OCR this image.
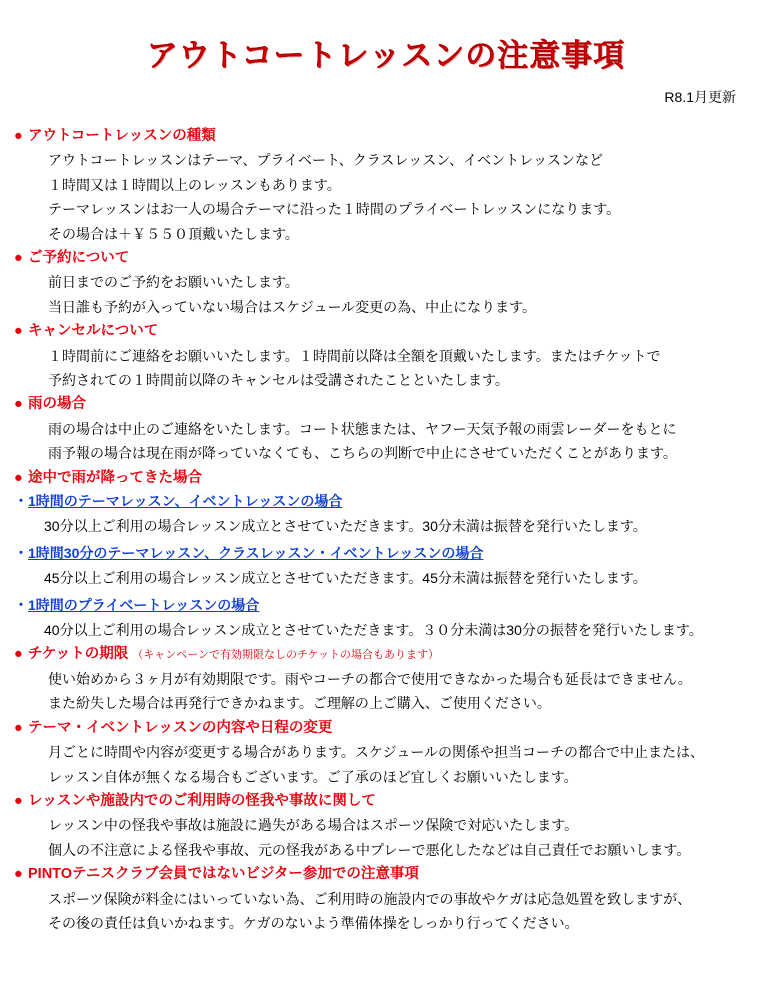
アウトコートレッスンの注意事項
R8.1月更新
● アウトコートレッスンの種類
アウトコートレッスンはテーマ、プライベート、クラスレッスン、イベントレッスンなど
１時間又は１時間以上のレッスンもあります。
テーマレッスンはお一人の場合テーマに沿った１時間のプライベートレッスンになります。
その場合は＋￥５５０頂戴いたします。
● ご予約について
前日までのご予約をお願いいたします。
当日誰も予約が入っていない場合はスケジュール変更の為、中止になります。
● キャンセルについて
１時間前にご連絡をお願いいたします。１時間前以降は全額を頂戴いたします。またはチケットで
予約されての１時間前以降のキャンセルは受講されたことといたします。
● 雨の場合
雨の場合は中止のご連絡をいたします。コート状態または、ヤフー天気予報の雨雲レーダーをもとに
雨予報の場合は現在雨が降っていなくても、こちらの判断で中止にさせていただくことがあります。
● 途中で雨が降ってきた場合
・ 1時間のテーマレッスン、イベントレッスンの場合
30分以上ご利用の場合レッスン成立とさせていただきます。30分未満は振替を発行いたします。
・ 1時間30分のテーマレッスン、クラスレッスン・イベントレッスンの場合
45分以上ご利用の場合レッスン成立とさせていただきます。45分未満は振替を発行いたします。
・ 1時間のプライベートレッスンの場合
40分以上ご利用の場合レッスン成立とさせていただきます。３０分未満は30分の振替を発行いたします。
● チケットの期限 （キャンペーンで有効期限なしのチケットの場合もあります）
使い始めから３ヶ月が有効期限です。雨やコーチの都合で使用できなかった場合も延長はできません。
また紛失した場合は再発行できかねます。ご理解の上ご購入、ご使用ください。
● テーマ・イベントレッスンの内容や日程の変更
月ごとに時間や内容が変更する場合があります。スケジュールの関係や担当コーチの都合で中止または、
レッスン自体が無くなる場合もございます。ご了承のほど宜しくお願いいたします。
● レッスンや施設内でのご利用時の怪我や事故に関して
レッスン中の怪我や事故は施設に過失がある場合はスポーツ保険で対応いたします。
個人の不注意による怪我や事故、元の怪我がある中プレーで悪化したなどは自己責任でお願いします。
● PINTOテニスクラブ会員ではないビジター参加での注意事項
スポーツ保険が料金にはいっていない為、ご利用時の施設内での事故やケガは応急処置を致しますが、
その後の責任は負いかねます。ケガのないよう準備体操をしっかり行ってください。
